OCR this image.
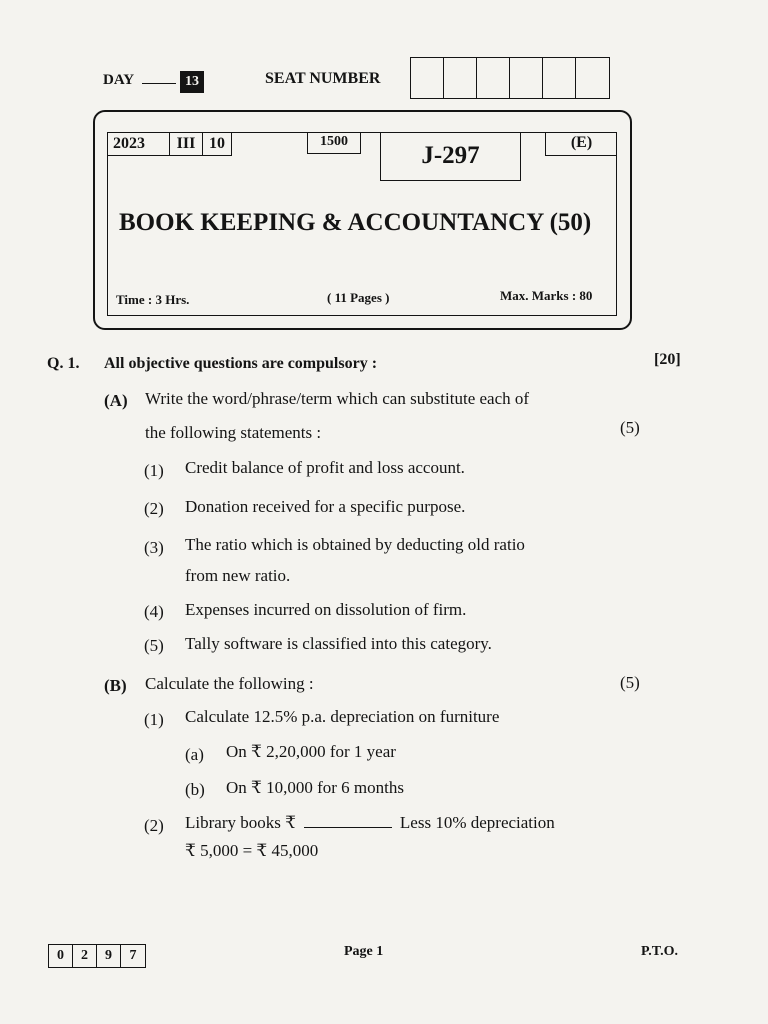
DAY	13	SEAT NUMBER
2023	III 10	1500
J-297	(E)
BOOK KEEPING & ACCOUNTANCY (50)
Time : 3 Hrs.	( 11 Pages )	Max. Marks : 80
Q. 1. All objective questions are compulsory :	[20]
(A) Write the word/phrase/term which can substitute each of
the following statements :	(5)
(1) Credit balance of profit and loss account.
(2) Donation received for a specific purpose.
(3) The ratio which is obtained by deducting old ratio
from new ratio.
(4) Expenses incurred on dissolution of firm.
(5) Tally software is classified into this category.
(B) Calculate the following :	(5)
(1) Calculate 12.5% p.a. depreciation on furniture
(a) On ₹ 2,20,000 for 1 year
(b) On ₹ 10,000 for 6 months
(2) Library books ₹	Less 10% depreciation
₹ 5,000 = ₹ 45,000
0	2	9	7	Page 1	P.T.O.
